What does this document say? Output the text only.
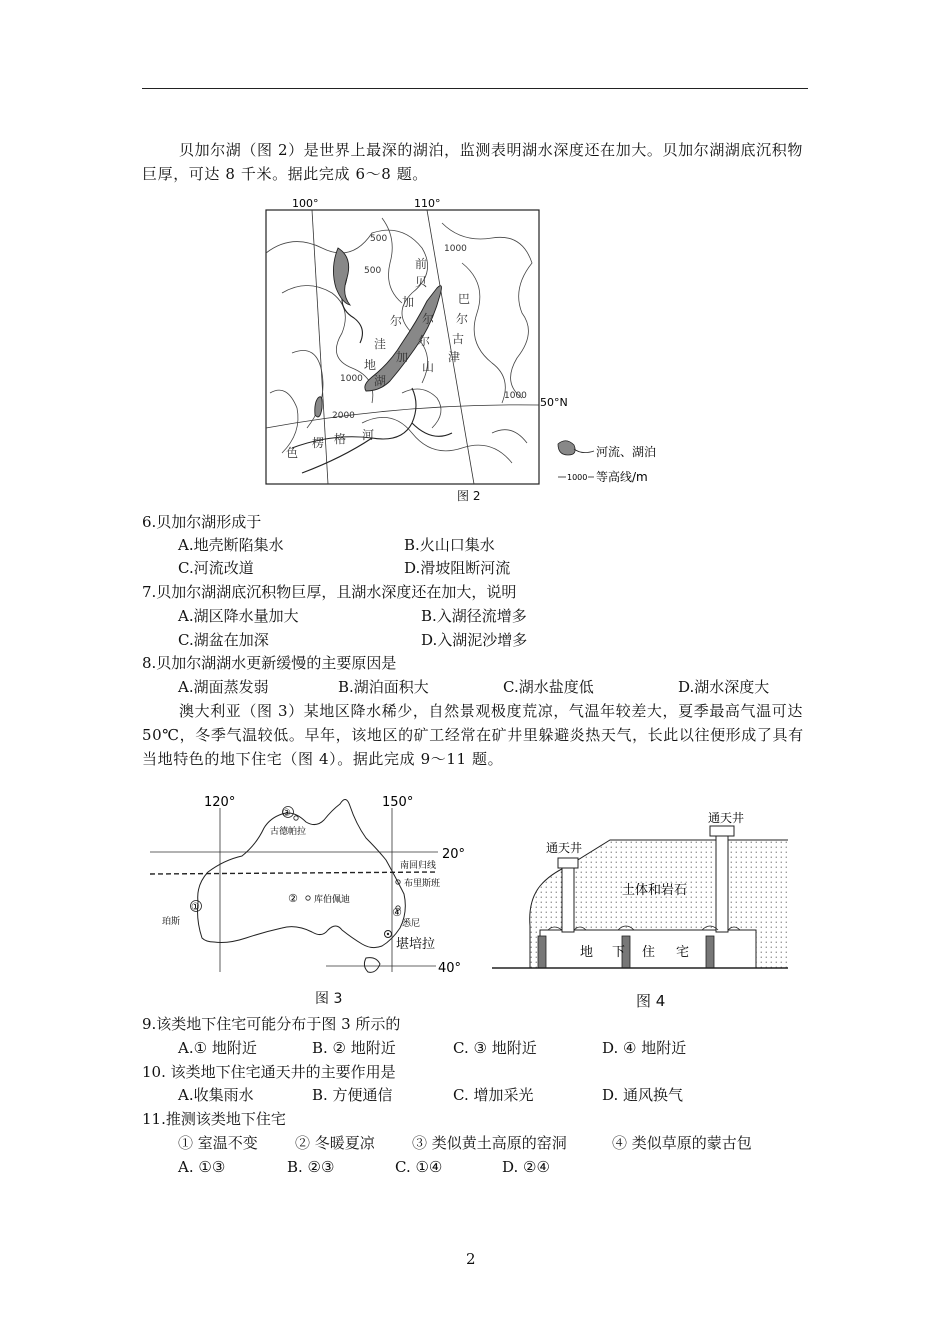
贝加尔湖（图 2）是世界上最深的湖泊，监测表明湖水深度还在加大。贝加尔湖湖底沉积物巨厚，可达 8 千米。据此完成 6～8 题。
100°	110°
50°N
500
500
1000
1000
2000
1000
前
贝
加
尔
巴
尔
古
津
尔
洼
地
尔
加
湖
山
色
楞 格 河
河流、湖泊
1000 等高线/m
图 2
6.贝加尔湖形成于
A.地壳断陷集水	B.火山口集水
C.河流改道	D.滑坡阻断河流
7.贝加尔湖湖底沉积物巨厚，且湖水深度还在加大，说明
A.湖区降水量加大	B.入湖径流增多
C.湖盆在加深	D.入湖泥沙增多
8.贝加尔湖湖水更新缓慢的主要原因是
A.湖面蒸发弱	B.湖泊面积大	C.湖水盐度低	D.湖水深度大
澳大利亚（图 3）某地区降水稀少，自然景观极度荒凉，气温年较差大，夏季最高气温可达 50℃，冬季气温较低。早年，该地区的矿工经常在矿井里躲避炎热天气，长此以往便形成了具有当地特色的地下住宅（图 4）。据此完成 9～11 题。
120°	150°
20°
40°
南回归线
③
古德帕拉
② 库伯佩迪
①
珀斯
布里斯班
④
悉尼
堪培拉
图 3
通天井
通天井
土体和岩石
地 下 住 宅
图 4
9.该类地下住宅可能分布于图 3 所示的
A.① 地附近	B. ② 地附近	C. ③ 地附近	D. ④ 地附近
10. 该类地下住宅通天井的主要作用是
A.收集雨水	B. 方便通信	C. 增加采光	D. 通风换气
11.推测该类地下住宅
① 室温不变 ② 冬暖夏凉 ③ 类似黄土高原的窑洞	④ 类似草原的蒙古包
A. ①③	B. ②③	C. ①④	D. ②④
2
